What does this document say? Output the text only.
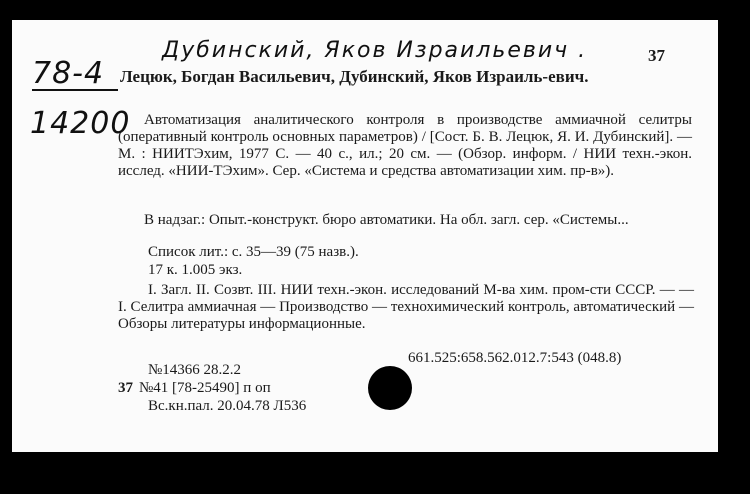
Дубинский, Яков Израильевич .
78-4
14200
37
Лецюк, Богдан Васильевич, Дубинский, Яков Израиль-евич.
Автоматизация аналитического контроля в производстве аммиачной селитры (оперативный контроль основных параметров) / [Сост. Б. В. Лецюк, Я. И. Дубинский]. — М. : НИИТЭхим, 1977 С. — 40 с., ил.; 20 см. — (Обзор. информ. / НИИ техн.-экон. исслед. «НИИ-ТЭхим». Сер. «Система и средства автоматизации хим. пр-в»).
В надзаг.: Опыт.-конструкт. бюро автоматики. На обл. загл. сер. «Системы...
Список лит.: с. 35—39 (75 назв.).
17 к. 1.005 экз.
I. Загл. II. Созвт. III. НИИ техн.-экон. исследований М-ва хим. пром-сти СССР. — — I. Селитра аммиачная — Производство — технохимический контроль, автоматический — Обзоры литературы информационные.
661.525:658.562.012.7:543 (048.8)
№14366 28.2.2
37 №41 [78-25490] п оп
Вс.кн.пал. 20.04.78 Л536
